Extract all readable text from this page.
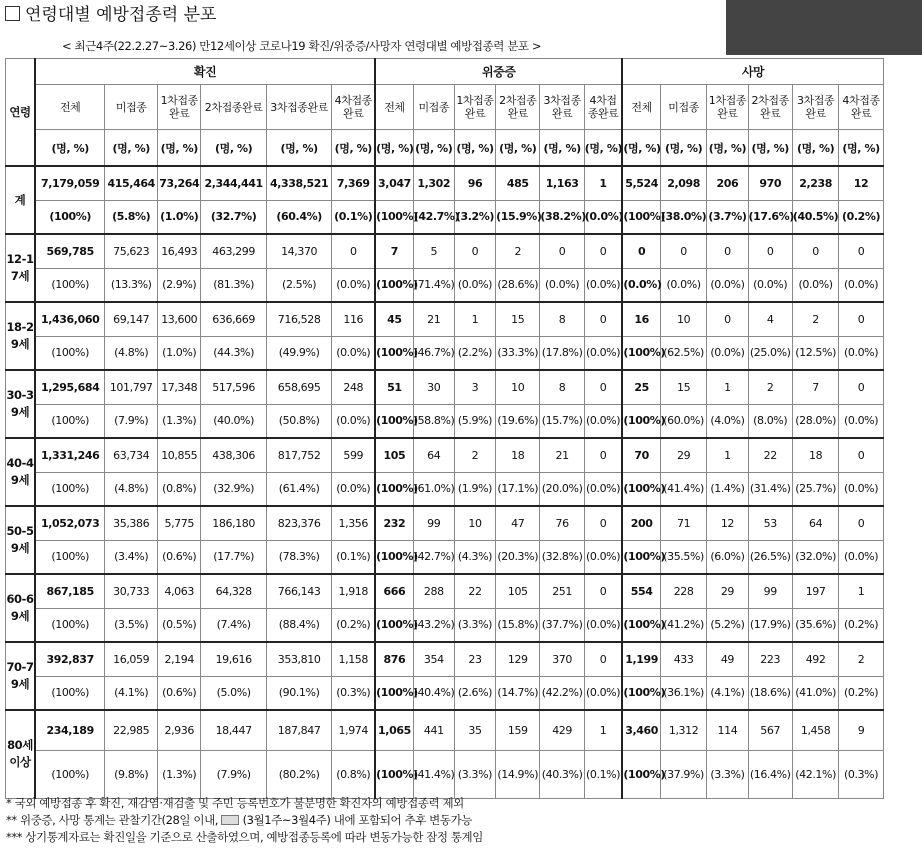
연령대별 예방접종력 분포
< 최근4주(22.2.27~3.26) 만12세이상 코로나19 확진/위중증/사망자 연령대별 예방접종력 분포 >
연령	확진						위중증						사망					
	전체	미접종	1차접종완료	2차접종완료	3차접종완료	4차접종완료	전체	미접종	1차접종완료	2차접종완료	3차접종완료	4차접종완료	전체	미접종	1차접종완료	2차접종완료	3차접종완료	4차접종완료
	(명, %)	(명, %)	(명, %)	(명, %)	(명, %)	(명, %)	(명, %)	(명, %)	(명, %)	(명, %)	(명, %)	(명, %)	(명, %)	(명, %)	(명, %)	(명, %)	(명, %)	(명, %)
계	7,179,059	415,464	73,264	2,344,441	4,338,521	7,369	3,047	1,302	96	485	1,163	1	5,524	2,098	206	970	2,238	12
	(100%)	(5.8%)	(1.0%)	(32.7%)	(60.4%)	(0.1%)	(100%)	(42.7%)	(3.2%)	(15.9%)	(38.2%)	(0.0%)	(100%)	(38.0%)	(3.7%)	(17.6%)	(40.5%)	(0.2%)
12-17세	569,785	75,623	16,493	463,299	14,370	0	7	5	0	2	0	0	0	0	0	0	0	0
	(100%)	(13.3%)	(2.9%)	(81.3%)	(2.5%)	(0.0%)	(100%)	(71.4%)	(0.0%)	(28.6%)	(0.0%)	(0.0%)	(0.0%)	(0.0%)	(0.0%)	(0.0%)	(0.0%)	(0.0%)
18-29세	1,436,060	69,147	13,600	636,669	716,528	116	45	21	1	15	8	0	16	10	0	4	2	0
	(100%)	(4.8%)	(1.0%)	(44.3%)	(49.9%)	(0.0%)	(100%)	(46.7%)	(2.2%)	(33.3%)	(17.8%)	(0.0%)	(100%)	(62.5%)	(0.0%)	(25.0%)	(12.5%)	(0.0%)
30-39세	1,295,684	101,797	17,348	517,596	658,695	248	51	30	3	10	8	0	25	15	1	2	7	0
	(100%)	(7.9%)	(1.3%)	(40.0%)	(50.8%)	(0.0%)	(100%)	(58.8%)	(5.9%)	(19.6%)	(15.7%)	(0.0%)	(100%)	(60.0%)	(4.0%)	(8.0%)	(28.0%)	(0.0%)
40-49세	1,331,246	63,734	10,855	438,306	817,752	599	105	64	2	18	21	0	70	29	1	22	18	0
	(100%)	(4.8%)	(0.8%)	(32.9%)	(61.4%)	(0.0%)	(100%)	(61.0%)	(1.9%)	(17.1%)	(20.0%)	(0.0%)	(100%)	(41.4%)	(1.4%)	(31.4%)	(25.7%)	(0.0%)
50-59세	1,052,073	35,386	5,775	186,180	823,376	1,356	232	99	10	47	76	0	200	71	12	53	64	0
	(100%)	(3.4%)	(0.6%)	(17.7%)	(78.3%)	(0.1%)	(100%)	(42.7%)	(4.3%)	(20.3%)	(32.8%)	(0.0%)	(100%)	(35.5%)	(6.0%)	(26.5%)	(32.0%)	(0.0%)
60-69세	867,185	30,733	4,063	64,328	766,143	1,918	666	288	22	105	251	0	554	228	29	99	197	1
	(100%)	(3.5%)	(0.5%)	(7.4%)	(88.4%)	(0.2%)	(100%)	(43.2%)	(3.3%)	(15.8%)	(37.7%)	(0.0%)	(100%)	(41.2%)	(5.2%)	(17.9%)	(35.6%)	(0.2%)
70-79세	392,837	16,059	2,194	19,616	353,810	1,158	876	354	23	129	370	0	1,199	433	49	223	492	2
	(100%)	(4.1%)	(0.6%)	(5.0%)	(90.1%)	(0.3%)	(100%)	(40.4%)	(2.6%)	(14.7%)	(42.2%)	(0.0%)	(100%)	(36.1%)	(4.1%)	(18.6%)	(41.0%)	(0.2%)
80세이상	234,189	22,985	2,936	18,447	187,847	1,974	1,065	441	35	159	429	1	3,460	1,312	114	567	1,458	9
	(100%)	(9.8%)	(1.3%)	(7.9%)	(80.2%)	(0.8%)	(100%)	(41.4%)	(3.3%)	(14.9%)	(40.3%)	(0.1%)	(100%)	(37.9%)	(3.3%)	(16.4%)	(42.1%)	(0.3%)
* 국외 예방접종 후 확진, 재감염·재검출 및 주민 등록번호가 불분명한 확진자의 예방접종력 제외
** 위중증, 사망 통계는 관찰기간(28일 이내, (3월1주~3월4주) 내에 포함되어 추후 변동가능
*** 상기통계자료는 확진일을 기준으로 산출하였으며, 예방접종등록에 따라 변동가능한 잠정 통계임
